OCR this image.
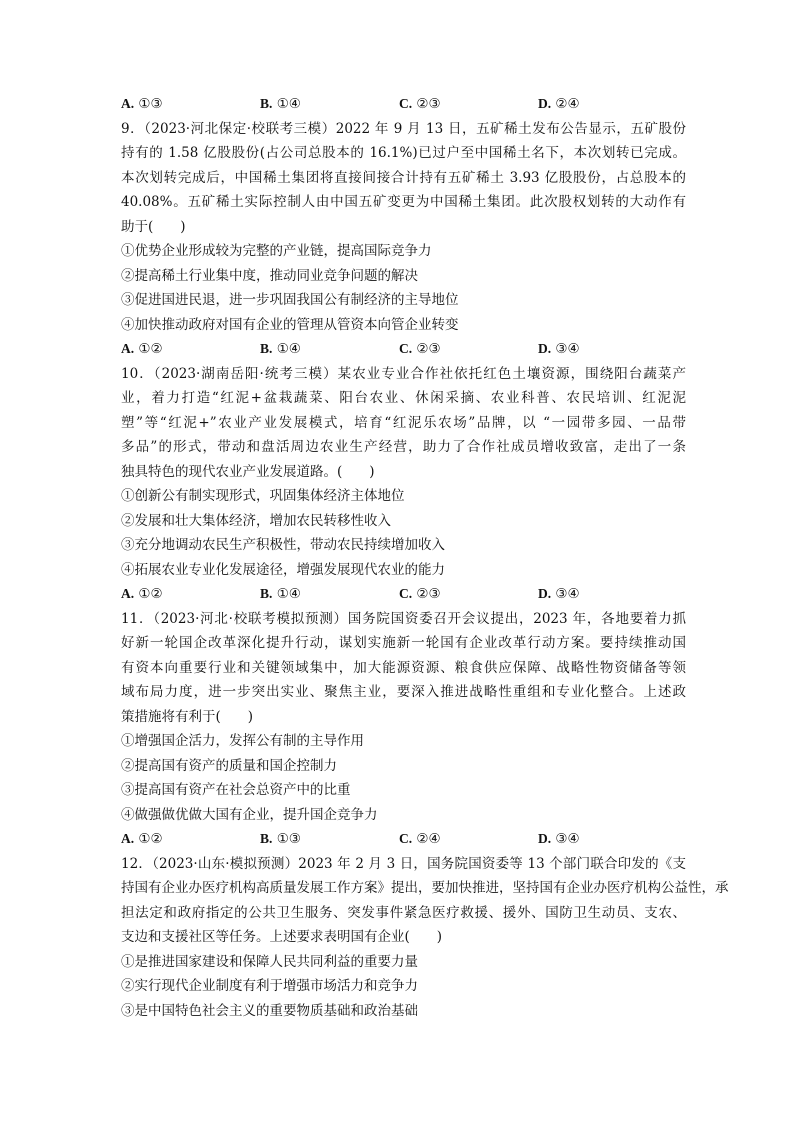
A. ①③	B. ①④	C. ②③	D. ②④
9．（2023·河北保定·校联考三模）2022 年 9 月 13 日，五矿稀土发布公告显示，五矿股份
持有的 1.58 亿股股份(占公司总股本的 16.1%)已过户至中国稀土名下，本次划转已完成。
本次划转完成后，中国稀土集团将直接间接合计持有五矿稀土 3.93 亿股股份，占总股本的
40.08%。五矿稀土实际控制人由中国五矿变更为中国稀土集团。此次股权划转的大动作有
助于(　　)
①优势企业形成较为完整的产业链，提高国际竞争力
②提高稀土行业集中度，推动同业竞争问题的解决
③促进国进民退，进一步巩固我国公有制经济的主导地位
④加快推动政府对国有企业的管理从管资本向管企业转变
A. ①②	B. ①④	C. ②③	D. ③④
10．（2023·湖南岳阳·统考三模）某农业专业合作社依托红色土壤资源，围绕阳台蔬菜产
业，着力打造“红泥+盆栽蔬菜、阳台农业、休闲采摘、农业科普、农民培训、红泥泥
塑”等“红泥+”农业产业发展模式，培育“红泥乐农场”品牌，以 “一园带多园、一品带
多品”的形式，带动和盘活周边农业生产经营，助力了合作社成员增收致富，走出了一条
独具特色的现代农业产业发展道路。(　　)
①创新公有制实现形式，巩固集体经济主体地位
②发展和壮大集体经济，增加农民转移性收入
③充分地调动农民生产积极性，带动农民持续增加收入
④拓展农业专业化发展途径，增强发展现代农业的能力
A. ①②	B. ①④	C. ②③	D. ③④
11．（2023·河北·校联考模拟预测）国务院国资委召开会议提出，2023 年，各地要着力抓
好新一轮国企改革深化提升行动，谋划实施新一轮国有企业改革行动方案。要持续推动国
有资本向重要行业和关键领域集中，加大能源资源、粮食供应保障、战略性物资储备等领
域布局力度，进一步突出实业、聚焦主业，要深入推进战略性重组和专业化整合。上述政
策措施将有利于(　　)
①增强国企活力，发挥公有制的主导作用
②提高国有资产的质量和国企控制力
③提高国有资产在社会总资产中的比重
④做强做优做大国有企业，提升国企竞争力
A. ①②	B. ①③	C. ②④	D. ③④
12．（2023·山东·模拟预测）2023 年 2 月 3 日，国务院国资委等 13 个部门联合印发的《支
持国有企业办医疗机构高质量发展工作方案》提出，要加快推进，坚持国有企业办医疗机构公益性，承
担法定和政府指定的公共卫生服务、突发事件紧急医疗救援、援外、国防卫生动员、支农、
支边和支援社区等任务。上述要求表明国有企业(　　)
①是推进国家建设和保障人民共同利益的重要力量
②实行现代企业制度有利于增强市场活力和竞争力
③是中国特色社会主义的重要物质基础和政治基础
